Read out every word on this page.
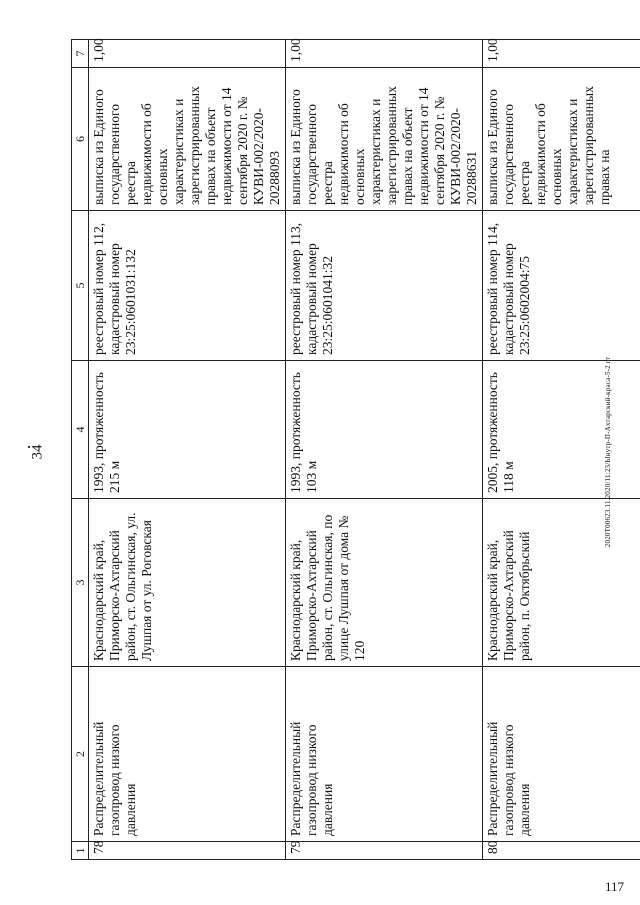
34	2020Т00623.11.2020/11:23/Ынутр-П-Ахтарский-краса-5-2 гт
1	2	3	4	5	6	7
78	Распределительный газопровод низкого давления	Краснодарский край, Приморско-Ахтарский район, ст. Ольгинская, ул. Лушпая от ул. Роговская	1993, протяженность 215 м	реестровый номер 112, кадастровый номер 23:25:0601031:132	выписка из Единого государственного реестра недвижимости об основных характеристиках и зарегистрированных правах на объект недвижимости от 14 сентября 2020 г. № КУВИ-002/2020-20288093	1,00
79	Распределительный газопровод низкого давления	Краснодарский край, Приморско-Ахтарский район, ст. Ольгинская, по улице Лушпая от дома № 120	1993, протяженность 103 м	реестровый номер 113, кадастровый номер 23:25:0601041:32	выписка из Единого государственного реестра недвижимости об основных характеристиках и зарегистрированных правах на объект недвижимости от 14 сентября 2020 г. № КУВИ-002/2020-20288631	1,00
80	Распределительный газопровод низкого давления	Краснодарский край, Приморско-Ахтарский район, п. Октябрьский	2005, протяженность 118 м	реестровый номер 114, кадастровый номер 23:25:0602004:75	выписка из Единого государственного реестра недвижимости об основных характеристиках и зарегистрированных правах на	1,00
117
